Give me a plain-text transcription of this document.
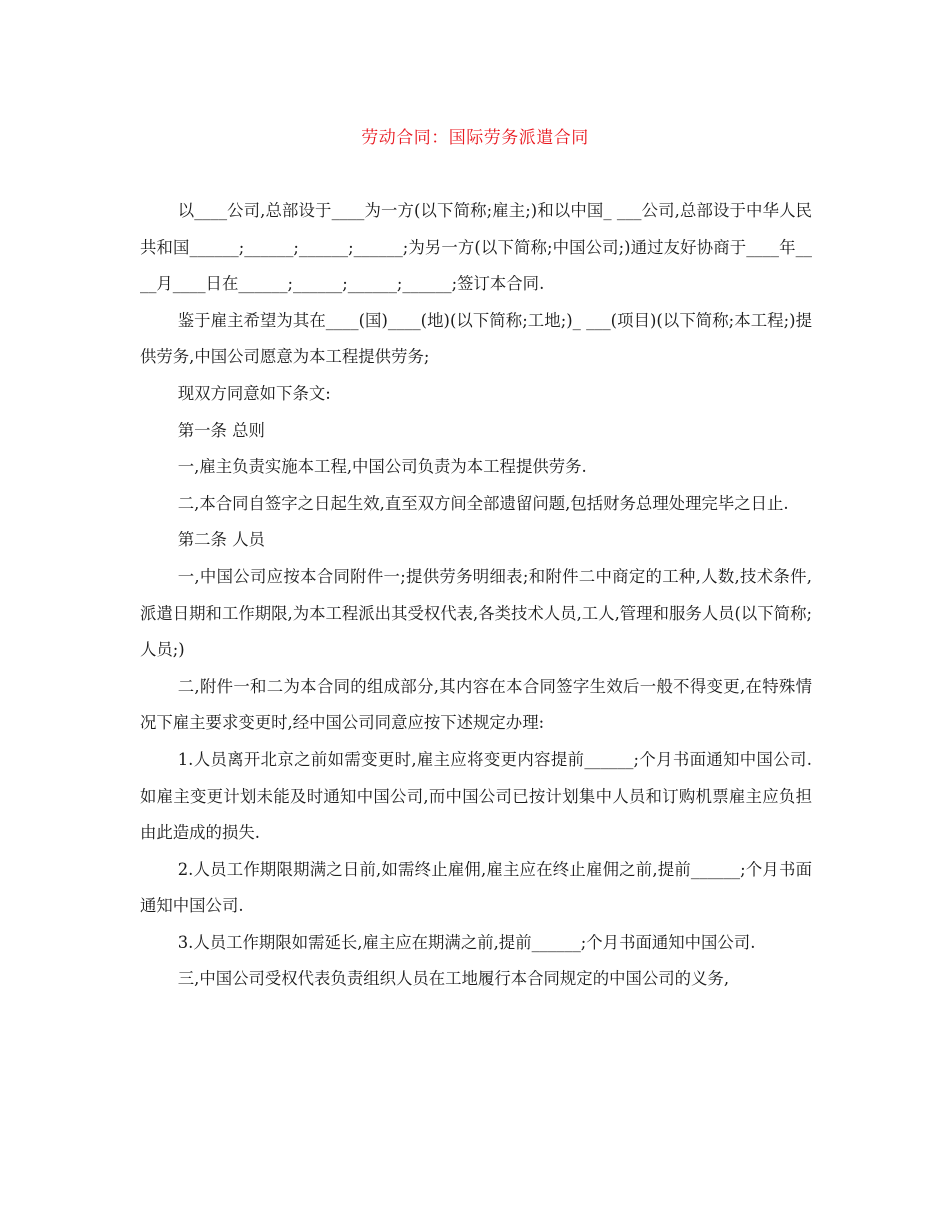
劳动合同：国际劳务派遣合同

以____公司,总部设于____为一方(以下简称;雇主;)和以中国_ ___公司,总部设于中华人民共和国______;______;______;______;为另一方(以下简称;中国公司;)通过友好协商于____年____月____日在______;______;______;______;签订本合同.

鉴于雇主希望为其在____(国)____(地)(以下简称;工地;)_ ___(项目)(以下简称;本工程;)提供劳务,中国公司愿意为本工程提供劳务;

现双方同意如下条文:

第一条 总则

一,雇主负责实施本工程,中国公司负责为本工程提供劳务.

二,本合同自签字之日起生效,直至双方间全部遗留问题,包括财务总理处理完毕之日止.

第二条 人员

一,中国公司应按本合同附件一;提供劳务明细表;和附件二中商定的工种,人数,技术条件,派遣日期和工作期限,为本工程派出其受权代表,各类技术人员,工人,管理和服务人员(以下简称;人员;)

二,附件一和二为本合同的组成部分,其内容在本合同签字生效后一般不得变更,在特殊情况下雇主要求变更时,经中国公司同意应按下述规定办理:

1.人员离开北京之前如需变更时,雇主应将变更内容提前______;个月书面通知中国公司.如雇主变更计划未能及时通知中国公司,而中国公司已按计划集中人员和订购机票雇主应负担由此造成的损失.

2.人员工作期限期满之日前,如需终止雇佣,雇主应在终止雇佣之前,提前______;个月书面通知中国公司.

3.人员工作期限如需延长,雇主应在期满之前,提前______;个月书面通知中国公司.

三,中国公司受权代表负责组织人员在工地履行本合同规定的中国公司的义务,
